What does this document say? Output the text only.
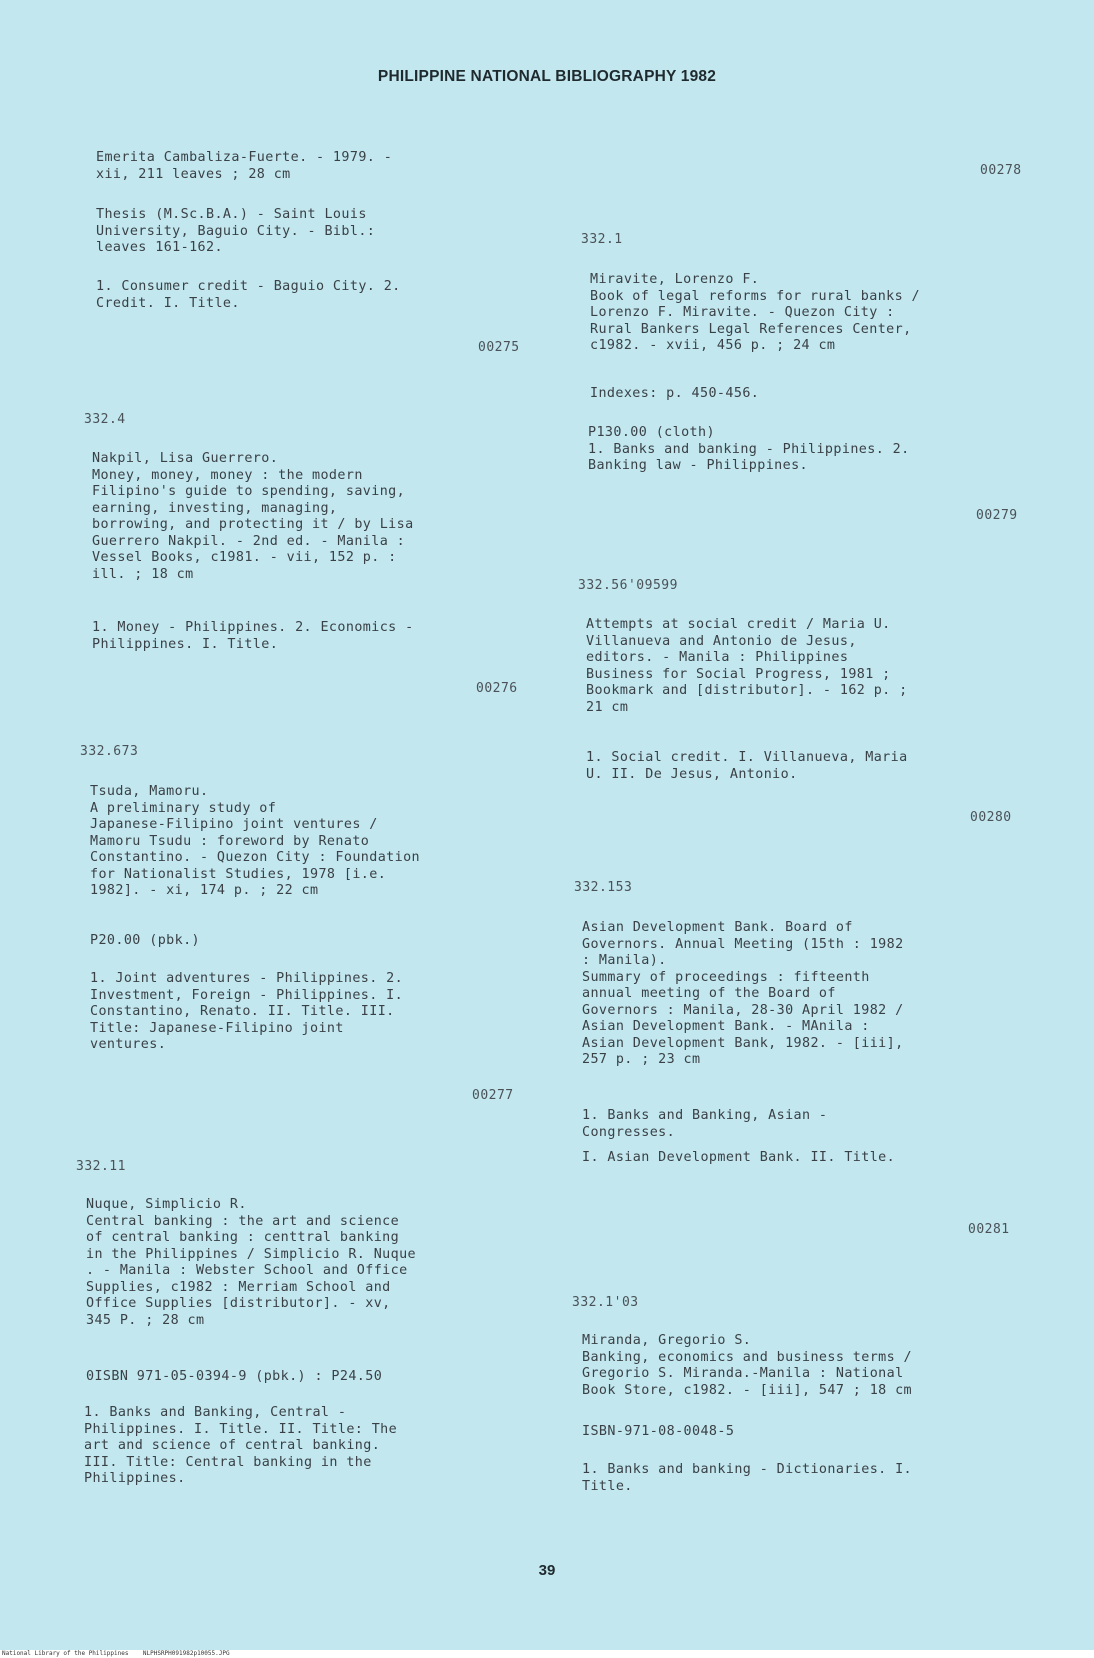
PHILIPPINE NATIONAL BIBLIOGRAPHY 1982
Emerita Cambaliza-Fuerte. - 1979. -
xii, 211 leaves ; 28 cm
Thesis (M.Sc.B.A.) - Saint Louis
University, Baguio City. - Bibl.:
leaves 161-162.
1. Consumer credit - Baguio City. 2.
Credit. I. Title.
00275
332.4
Nakpil, Lisa Guerrero.
Money, money, money : the modern
Filipino's guide to spending, saving,
earning, investing, managing,
borrowing, and protecting it / by Lisa
Guerrero Nakpil. - 2nd ed. - Manila :
Vessel Books, c1981. - vii, 152 p. :
ill. ; 18 cm
1. Money - Philippines. 2. Economics -
Philippines. I. Title.
00276
332.673
Tsuda, Mamoru.
A preliminary study of
Japanese-Filipino joint ventures /
Mamoru Tsudu : foreword by Renato
Constantino. - Quezon City : Foundation
for Nationalist Studies, 1978 [i.e.
1982]. - xi, 174 p. ; 22 cm
P20.00 (pbk.)
1. Joint adventures - Philippines. 2.
Investment, Foreign - Philippines. I.
Constantino, Renato. II. Title. III.
Title: Japanese-Filipino joint
ventures.
00277
332.11
Nuque, Simplicio R.
Central banking : the art and science
of central banking : centtral banking
in the Philippines / Simplicio R. Nuque
. - Manila : Webster School and Office
Supplies, c1982 : Merriam School and
Office Supplies [distributor]. - xv,
345 P. ; 28 cm
0ISBN 971-05-0394-9 (pbk.) : P24.50
1. Banks and Banking, Central -
Philippines. I. Title. II. Title: The
art and science of central banking.
III. Title: Central banking in the
Philippines.
00278
332.1
Miravite, Lorenzo F.
Book of legal reforms for rural banks /
Lorenzo F. Miravite. - Quezon City :
Rural Bankers Legal References Center,
c1982. - xvii, 456 p. ; 24 cm
Indexes: p. 450-456.
P130.00 (cloth)
1. Banks and banking - Philippines. 2.
Banking law - Philippines.
00279
332.56'09599
Attempts at social credit / Maria U.
Villanueva and Antonio de Jesus,
editors. - Manila : Philippines
Business for Social Progress, 1981 ;
Bookmark and [distributor]. - 162 p. ;
21 cm
1. Social credit. I. Villanueva, Maria
U. II. De Jesus, Antonio.
00280
332.153
Asian Development Bank. Board of
Governors. Annual Meeting (15th : 1982
: Manila).
Summary of proceedings : fifteenth
annual meeting of the Board of
Governors : Manila, 28-30 April 1982 /
Asian Development Bank. - MAnila :
Asian Development Bank, 1982. - [iii],
257 p. ; 23 cm
1. Banks and Banking, Asian -
Congresses.
I. Asian Development Bank. II. Title.
00281
332.1'03
Miranda, Gregorio S.
Banking, economics and business terms /
Gregorio S. Miranda.-Manila : National
Book Store, c1982. - [iii], 547 ; 18 cm
ISBN-971-08-0048-5
1. Banks and banking - Dictionaries. I.
Title.
39
National Library of the Philippines    NLPHSRPH091982p10055.JPG
